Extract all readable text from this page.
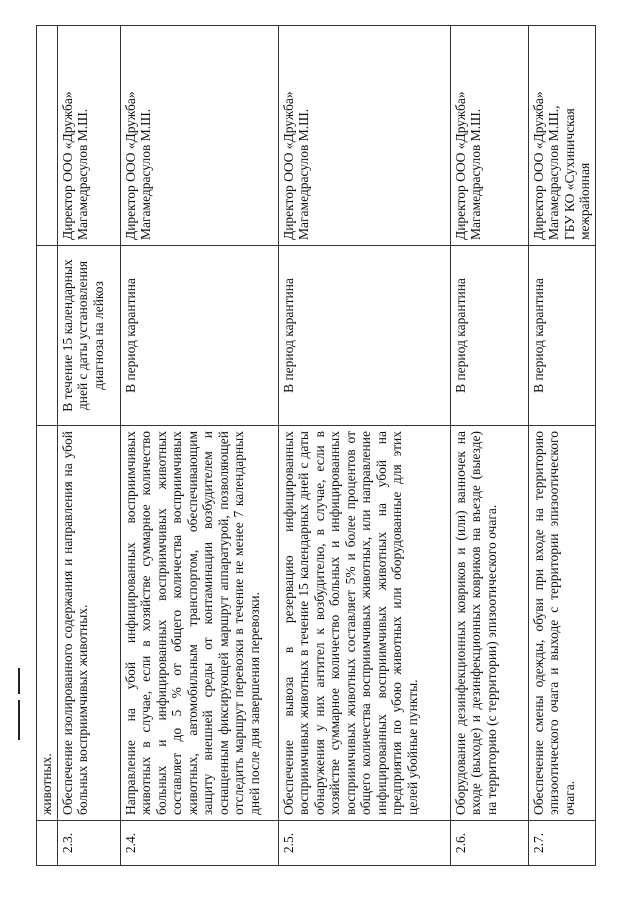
	животных.		
2.3.	Обеспечение изолированного содержания и направления на убой больных восприимчивых животных.	В течение 15 календарных дней с даты установления диагноза на лейкоз	Директор ООО «Дружба» Магамедрасулов М.Ш.
2.4.	Направление на убой инфицированных восприимчивых животных в случае, если в хозяйстве суммарное количество больных и инфицированных восприимчивых животных составляет до 5 % от общего количества восприимчивых животных, автомобильным транспортом, обеспечивающим защиту внешней среды от контаминации возбудителем и оснащенным фиксирующей маршрут аппаратурой, позволяющей отследить маршрут перевозки в течение не менее 7 календарных дней после дня завершения перевозки.	В период карантина	Директор ООО «Дружба» Магамедрасулов М.Ш.
2.5.	Обеспечение вывоза в резервацию инфицированных восприимчивых животных в течение 15 календарных дней с даты обнаружения у них антител к возбудителю, в случае, если в хозяйстве суммарное количество больных и инфицированных восприимчивых животных составляет 5% и более процентов от общего количества восприимчивых животных, или направление инфицированных восприимчивых животных на убой на предприятия по убою животных или оборудованные для этих целей убойные пункты.	В период карантина	Директор ООО «Дружба» Магамедрасулов М.Ш.
2.6.	Оборудование дезинфекционных ковриков и (или) ванночек на входе (выходе) и дезинфекционных ковриков на въезде (выезде) на территорию (с территории) эпизоотического очага.	В период карантина	Директор ООО «Дружба» Магамедрасулов М.Ш.
2.7.	Обеспечение смены одежды, обуви при входе на территорию эпизоотического очага и выходе с территории эпизоотического очага.	В период карантина	Директор ООО «Дружба» Магамедрасулов М.Ш., ГБУ КО «Сухиничская межрайонная
